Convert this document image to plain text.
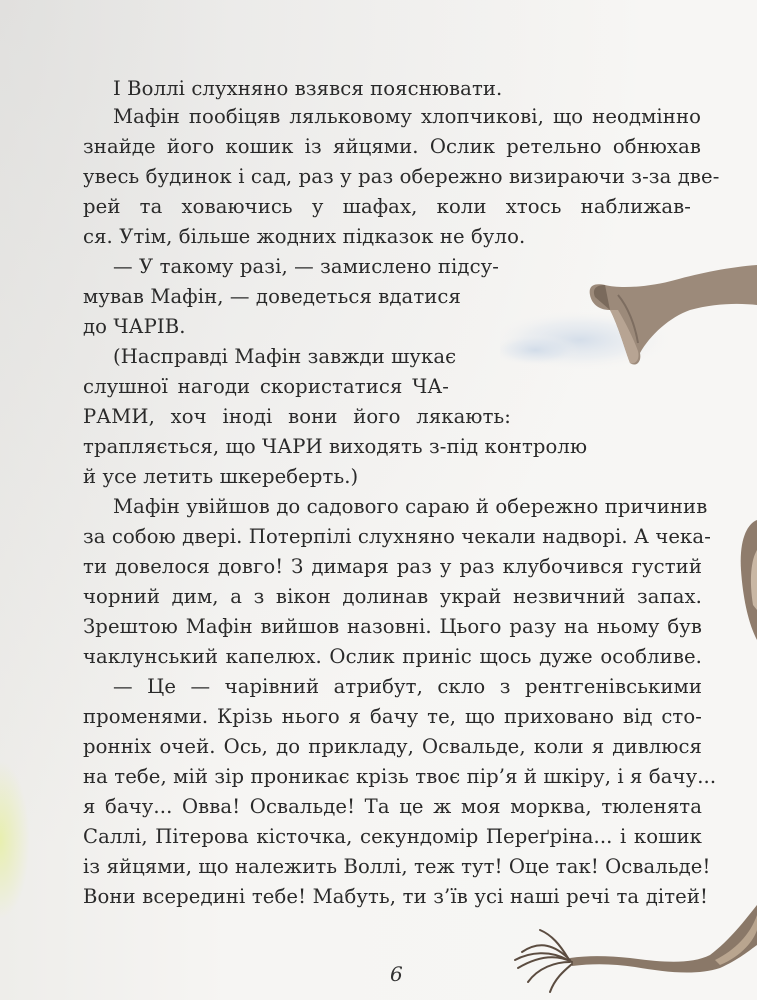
І Воллі слухняно взявся пояснювати.
Мафін пообіцяв ляльковому хлопчикові, що неодмінно
знайде його кошик із яйцями. Ослик ретельно обнюхав
увесь будинок і сад, раз у раз обережно визираючи з-за две-
рей та ховаючись у шафах, коли хтось наближав-
ся. Утім, більше жодних підказок не було.
— У такому разі, — замислено підсу-
мував Мафін, — доведеться вдатися
до ЧАРІВ.
(Насправді Мафін завжди шукає
слушної нагоди скористатися ЧА-
РАМИ, хоч іноді вони його лякають:
трапляється, що ЧАРИ виходять з-під контролю
й усе летить шкереберть.)
Мафін увійшов до садового сараю й обережно причинив
за собою двері. Потерпілі слухняно чекали надворі. А чека-
ти довелося довго! З димаря раз у раз клубочився густий
чорний дим, а з вікон долинав украй незвичний запах.
Зрештою Мафін вийшов назовні. Цього разу на ньому був
чаклунський капелюх. Ослик приніс щось дуже особливе.
— Це — чарівний атрибут, скло з рентгенівськими
променями. Крізь нього я бачу те, що приховано від сто-
ронніх очей. Ось, до прикладу, Освальде, коли я дивлюся
на тебе, мій зір проникає крізь твоє пір’я й шкіру, і я бачу...
я бачу... Овва! Освальде! Та це ж моя морква, тюленята
Саллі, Пітерова кісточка, секундомір Переґріна... і кошик
із яйцями, що належить Воллі, теж тут! Оце так! Освальде!
Вони всередині тебе! Мабуть, ти з’їв усі наші речі та дітей!
6
